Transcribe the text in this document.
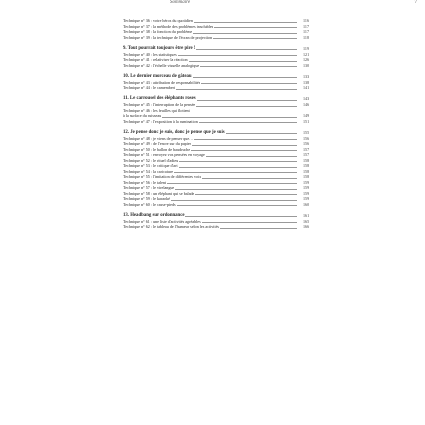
Sommaire	7
Technique n° 36 : votre héros du quotidien	116
Technique n° 37 : la méthode des problèmes insolubles	117
Technique n° 38 : la fonction du problème	117
Technique n° 39 : la technique de l'écran de projection	118
9. Tout pourrait toujours être pire !	119
Technique n° 40 : les statistiques	121
Technique n° 41 : relativiser la réaction	126
Technique n° 42 : l'échelle visuelle analogique	130
10. Le dernier morceau de gâteau	133
Technique n° 43 : attribution de responsabilités	138
Technique n° 44 : le camembert	141
11. Le carrousel des éléphants roses	143
Technique n° 45 : l'interruption de la pensée	146
Technique n° 46 : les feuilles qui flottent
à la surface du ruisseau	149
Technique n° 47 : l'exposition à la rumination	151
12. Je pense donc je suis, donc je pense que je suis	155
Technique n° 48 : je viens de penser que…	156
Technique n° 49 : de l'encre sur du papier	156
Technique n° 50 : le ballon de baudruche	157
Technique n° 51 : envoyez vos pensées en voyage	157
Technique n° 52 : le rituel d'adieu	158
Technique n° 53 : le critique d'art	158
Technique n° 54 : la caricature	158
Technique n° 55 : l'imitation de différentes voix	158
Technique n° 56 : le talent	159
Technique n° 57 : le virelangue	159
Technique n° 58 : un éléphant qui se balade	159
Technique n° 59 : le karaoké	159
Technique n° 60 : le casse-pieds	160
13. Headbang sur ordonnance	161
Technique n° 61 : une liste d'activités agréables	165
Technique n° 62 : le tableau de l'humeur selon les activités	166
